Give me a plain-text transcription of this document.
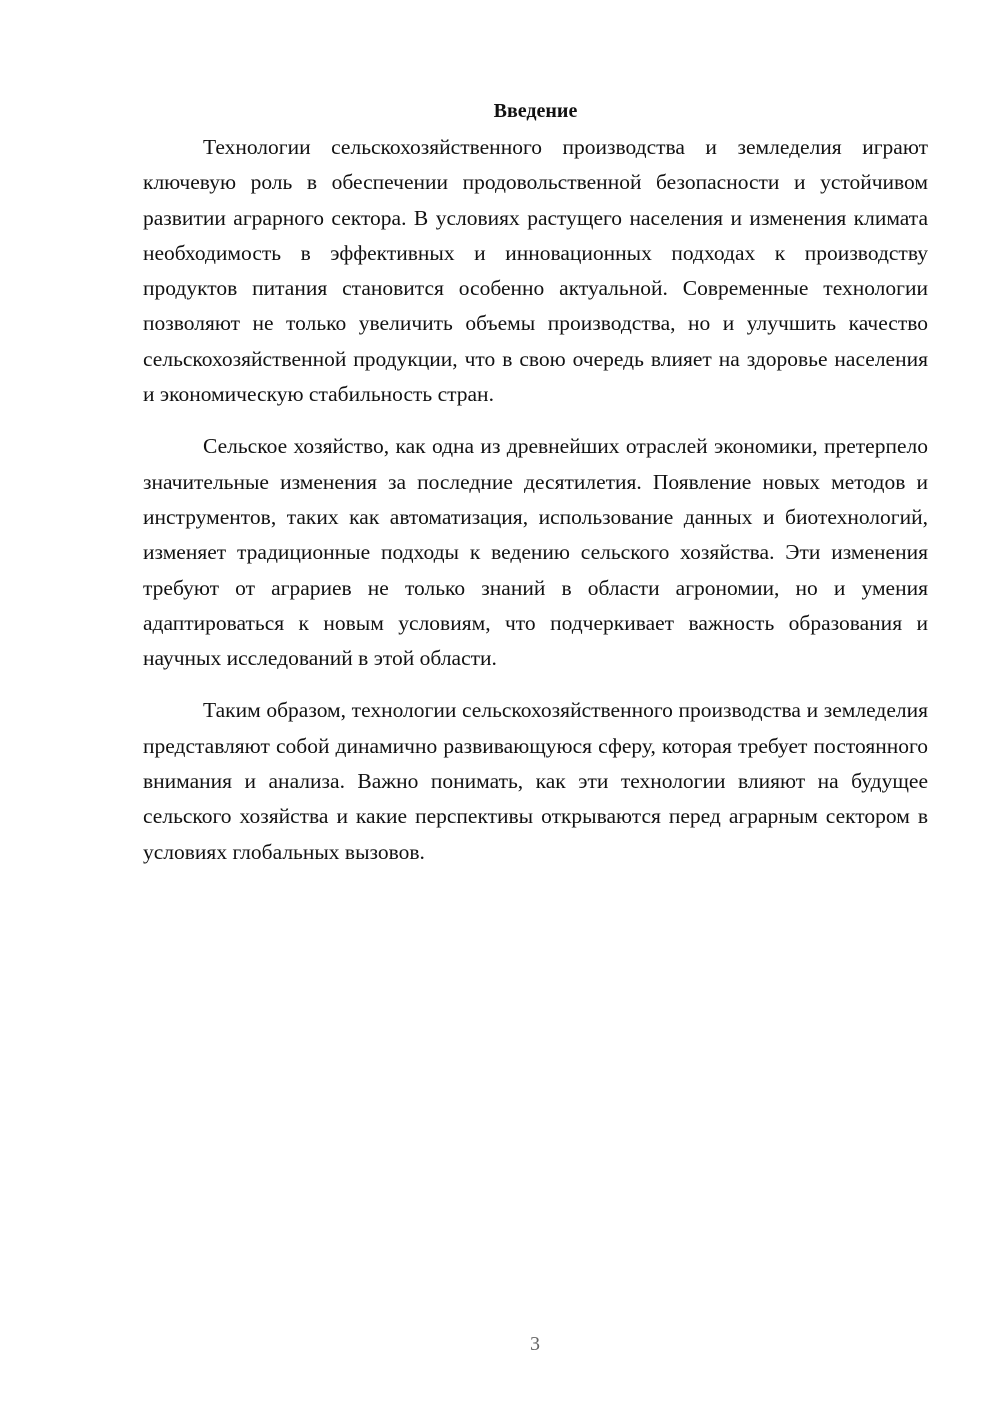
Введение

Технологии сельскохозяйственного производства и земледелия играют ключевую роль в обеспечении продовольственной безопасности и устойчивом развитии аграрного сектора. В условиях растущего населения и изменения климата необходимость в эффективных и инновационных подходах к производству продуктов питания становится особенно актуальной. Современные технологии позволяют не только увеличить объемы производства, но и улучшить качество сельскохозяйственной продукции, что в свою очередь влияет на здоровье населения и экономическую стабильность стран.

Сельское хозяйство, как одна из древнейших отраслей экономики, претерпело значительные изменения за последние десятилетия. Появление новых методов и инструментов, таких как автоматизация, использование данных и биотехнологий, изменяет традиционные подходы к ведению сельского хозяйства. Эти изменения требуют от аграриев не только знаний в области агрономии, но и умения адаптироваться к новым условиям, что подчеркивает важность образования и научных исследований в этой области.

Таким образом, технологии сельскохозяйственного производства и земледелия представляют собой динамично развивающуюся сферу, которая требует постоянного внимания и анализа. Важно понимать, как эти технологии влияют на будущее сельского хозяйства и какие перспективы открываются перед аграрным сектором в условиях глобальных вызовов.

3
